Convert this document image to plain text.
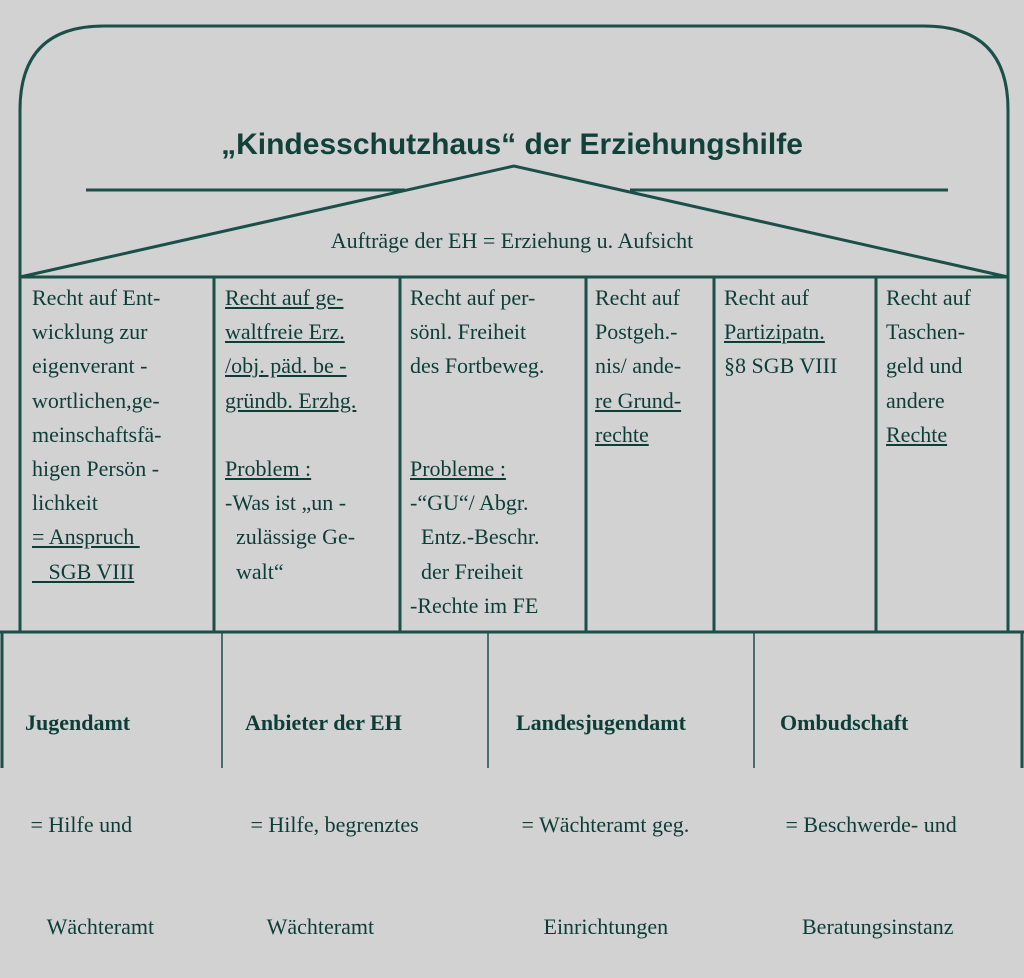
„Kindesschutzhaus“ der Erziehungshilfe
Aufträge der EH = Erziehung u. Aufsicht
Recht auf Ent-
wicklung zur
eigenverant -
wortlichen,ge-
meinschaftsfä-
higen Persön -
lichkeit
= Anspruch
SGB VIII
Recht auf ge-
waltfreie Erz.
/obj. päd. be -
gründb. Erzhg.

Problem :
-Was ist „un -
zulässige Ge-
walt“
Recht auf per-
sönl. Freiheit
des Fortbeweg.

Probleme :
-“GU“/ Abgr.
Entz.-Beschr.
der Freiheit
-Rechte im FE
Recht auf
Postgeh.-
nis/ ande-
re Grund-
rechte
Recht auf
Partizipatn.
§8 SGB VIII
Recht auf
Taschen-
geld und
andere
Rechte

Jugendamt

= Hilfe und

Wächteramt

Anbieter der EH

= Hilfe, begrenztes

Wächteramt

Landesjugendamt

= Wächteramt geg.

Einrichtungen

Ombudschaft

= Beschwerde- und

Beratungsinstanz
